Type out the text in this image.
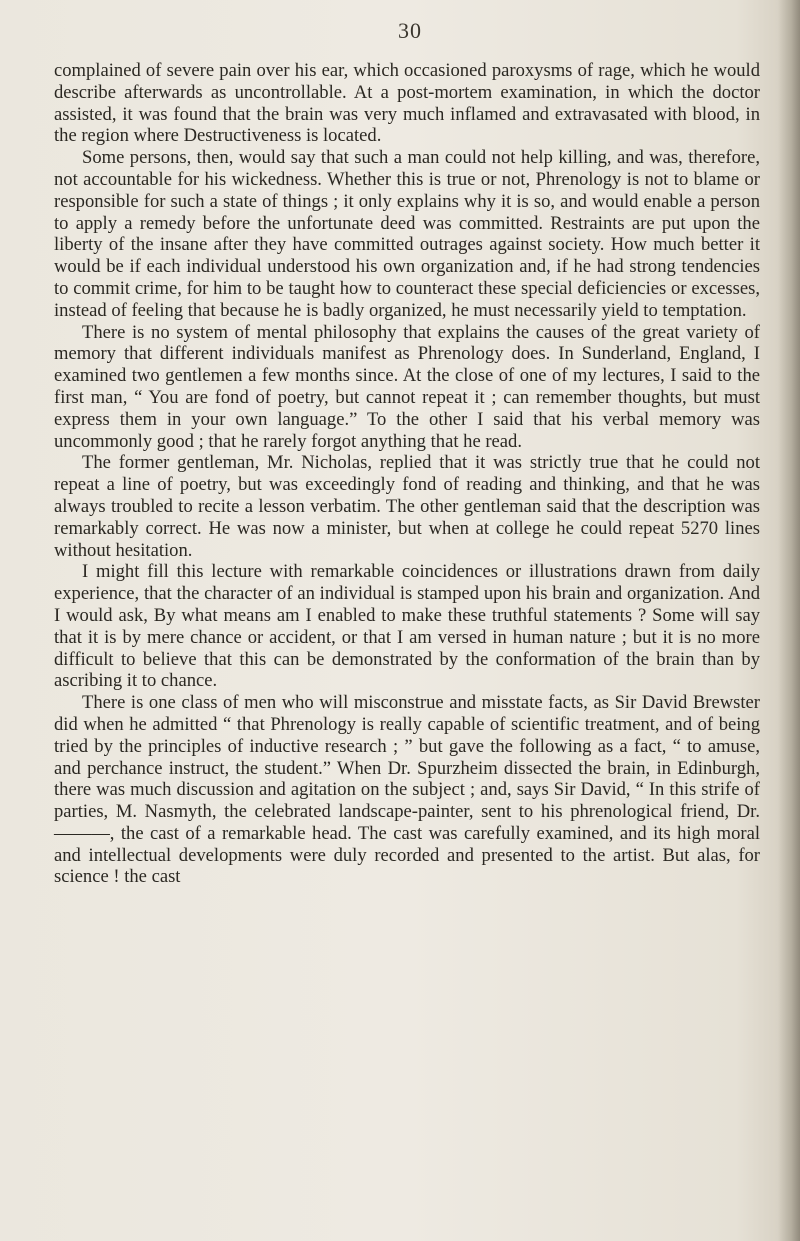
30

complained of severe pain over his ear, which occasioned paroxysms of rage, which he would describe afterwards as uncontrollable. At a post-mortem examination, in which the doctor assisted, it was found that the brain was very much inflamed and extravasated with blood, in the region where Destructiveness is located.

Some persons, then, would say that such a man could not help killing, and was, therefore, not accountable for his wickedness. Whether this is true or not, Phrenology is not to blame or responsible for such a state of things ; it only explains why it is so, and would enable a person to apply a remedy before the unfortunate deed was committed. Restraints are put upon the liberty of the insane after they have committed outrages against society. How much better it would be if each individual understood his own organization and, if he had strong tendencies to commit crime, for him to be taught how to counteract these special deficiencies or excesses, instead of feeling that because he is badly organized, he must necessarily yield to temptation.

There is no system of mental philosophy that explains the causes of the great variety of memory that different individuals manifest as Phrenology does. In Sunderland, England, I examined two gentlemen a few months since. At the close of one of my lectures, I said to the first man, “ You are fond of poetry, but cannot repeat it ; can remember thoughts, but must express them in your own language.” To the other I said that his verbal memory was uncommonly good ; that he rarely forgot anything that he read.

The former gentleman, Mr. Nicholas, replied that it was strictly true that he could not repeat a line of poetry, but was exceedingly fond of reading and thinking, and that he was always troubled to recite a lesson verbatim. The other gentleman said that the description was remarkably correct. He was now a minister, but when at college he could repeat 5270 lines without hesitation.

I might fill this lecture with remarkable coincidences or illustrations drawn from daily experience, that the character of an individual is stamped upon his brain and organization. And I would ask, By what means am I enabled to make these truthful statements ? Some will say that it is by mere chance or accident, or that I am versed in human nature ; but it is no more difficult to believe that this can be demonstrated by the conformation of the brain than by ascribing it to chance.

There is one class of men who will misconstrue and misstate facts, as Sir David Brewster did when he admitted “ that Phrenology is really capable of scientific treatment, and of being tried by the principles of inductive research ; ” but gave the following as a fact, “ to amuse, and perchance instruct, the student.” When Dr. Spurzheim dissected the brain, in Edinburgh, there was much discussion and agitation on the subject ; and, says Sir David, “ In this strife of parties, M. Nasmyth, the celebrated landscape-painter, sent to his phrenological friend, Dr. ———, the cast of a remarkable head. The cast was carefully examined, and its high moral and intellectual developments were duly recorded and presented to the artist. But alas, for science ! the cast
